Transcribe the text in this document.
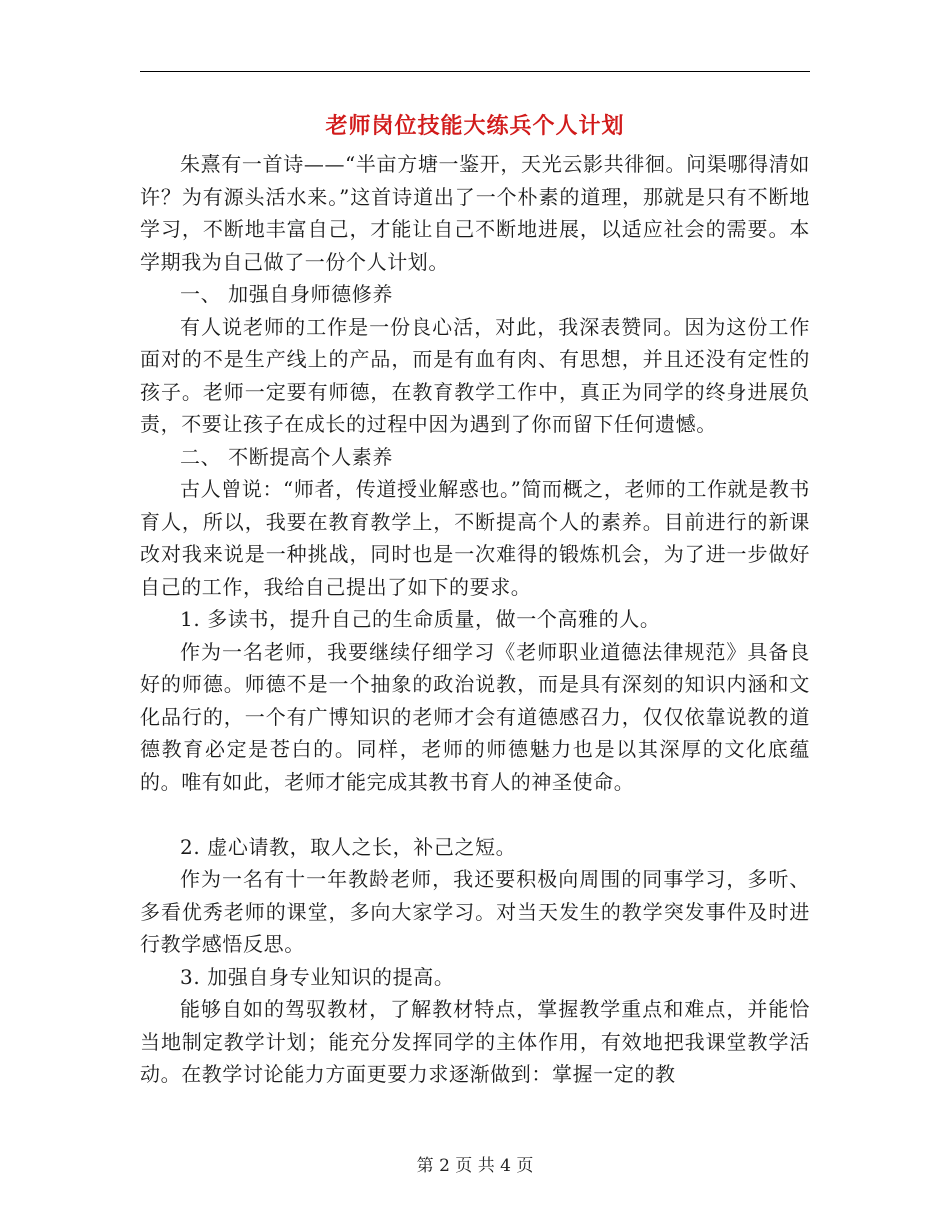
老师岗位技能大练兵个人计划

朱熹有一首诗——“半亩方塘一鉴开，天光云影共徘徊。问渠哪得清如许？为有源头活水来。”这首诗道出了一个朴素的道理，那就是只有不断地学习，不断地丰富自己，才能让自己不断地进展，以适应社会的需要。本学期我为自己做了一份个人计划。

一、 加强自身师德修养

有人说老师的工作是一份良心活，对此，我深表赞同。因为这份工作面对的不是生产线上的产品，而是有血有肉、有思想，并且还没有定性的孩子。老师一定要有师德，在教育教学工作中，真正为同学的终身进展负责，不要让孩子在成长的过程中因为遇到了你而留下任何遗憾。

二、 不断提高个人素养

古人曾说：“师者，传道授业解惑也。”简而概之，老师的工作就是教书育人，所以，我要在教育教学上，不断提高个人的素养。目前进行的新课改对我来说是一种挑战，同时也是一次难得的锻炼机会，为了进一步做好自己的工作，我给自己提出了如下的要求。

1. 多读书，提升自己的生命质量，做一个高雅的人。

作为一名老师，我要继续仔细学习《老师职业道德法律规范》具备良好的师德。师德不是一个抽象的政治说教，而是具有深刻的知识内涵和文化品行的，一个有广博知识的老师才会有道德感召力，仅仅依靠说教的道德教育必定是苍白的。同样，老师的师德魅力也是以其深厚的文化底蕴的。唯有如此，老师才能完成其教书育人的神圣使命。

2. 虚心请教，取人之长，补己之短。

作为一名有十一年教龄老师，我还要积极向周围的同事学习，多听、多看优秀老师的课堂，多向大家学习。对当天发生的教学突发事件及时进行教学感悟反思。

3. 加强自身专业知识的提高。

能够自如的驾驭教材，了解教材特点，掌握教学重点和难点，并能恰当地制定教学计划；能充分发挥同学的主体作用，有效地把我课堂教学活动。在教学讨论能力方面更要力求逐渐做到：掌握一定的教

第 2 页 共 4 页
